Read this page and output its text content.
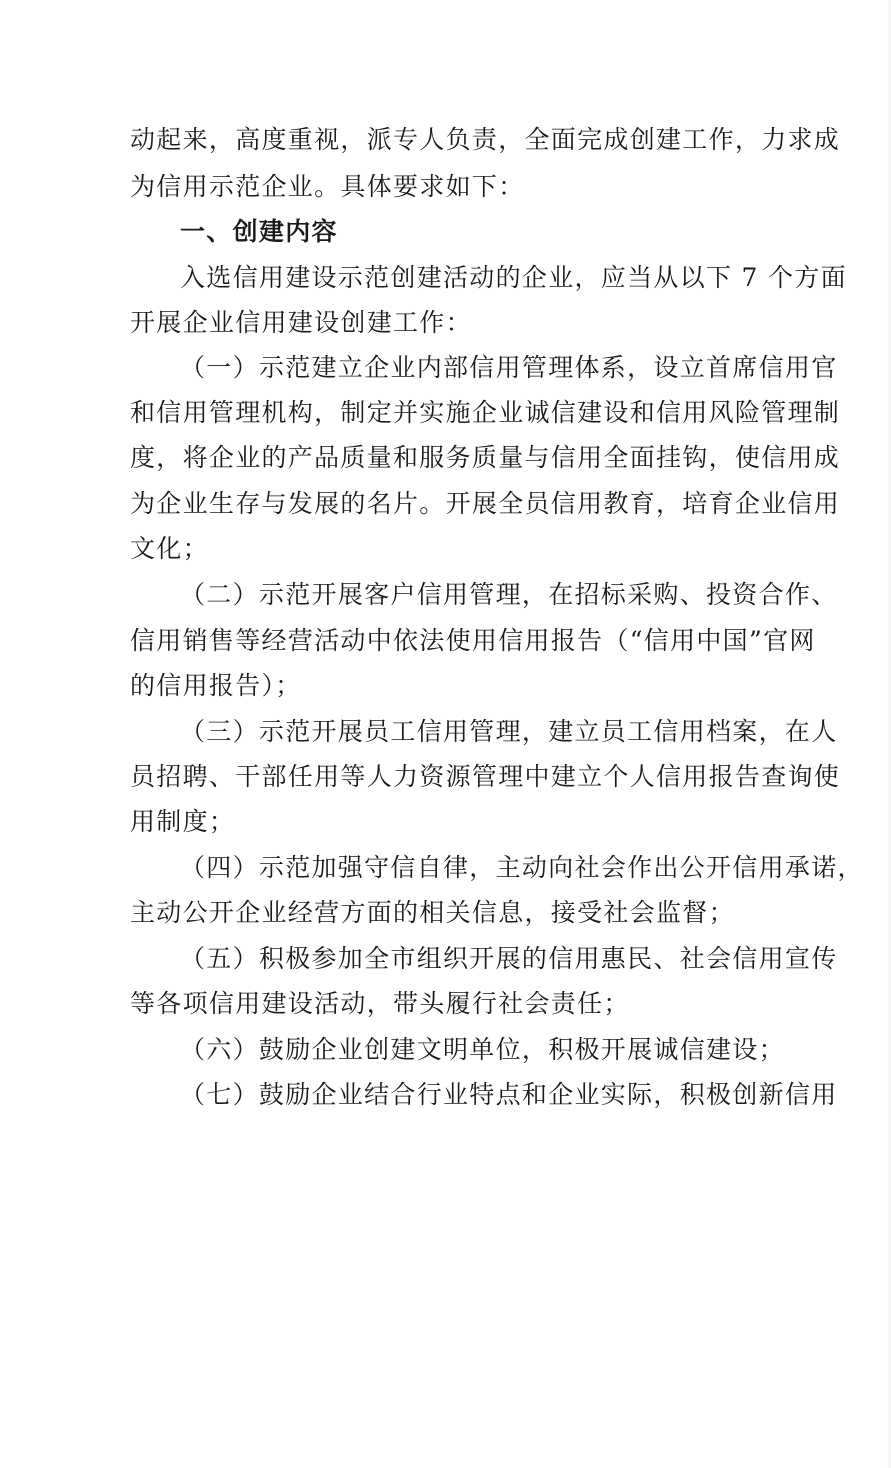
动起来，高度重视，派专人负责，全面完成创建工作，力求成
为信用示范企业。具体要求如下：
一、创建内容
入选信用建设示范创建活动的企业，应当从以下 7 个方面
开展企业信用建设创建工作：
（一）示范建立企业内部信用管理体系，设立首席信用官
和信用管理机构，制定并实施企业诚信建设和信用风险管理制
度，将企业的产品质量和服务质量与信用全面挂钩，使信用成
为企业生存与发展的名片。开展全员信用教育，培育企业信用
文化；
（二）示范开展客户信用管理，在招标采购、投资合作、
信用销售等经营活动中依法使用信用报告（“信用中国”官网
的信用报告）；
（三）示范开展员工信用管理，建立员工信用档案，在人
员招聘、干部任用等人力资源管理中建立个人信用报告查询使
用制度；
（四）示范加强守信自律，主动向社会作出公开信用承诺，
主动公开企业经营方面的相关信息，接受社会监督；
（五）积极参加全市组织开展的信用惠民、社会信用宣传
等各项信用建设活动，带头履行社会责任；
（六）鼓励企业创建文明单位，积极开展诚信建设；
（七）鼓励企业结合行业特点和企业实际，积极创新信用
